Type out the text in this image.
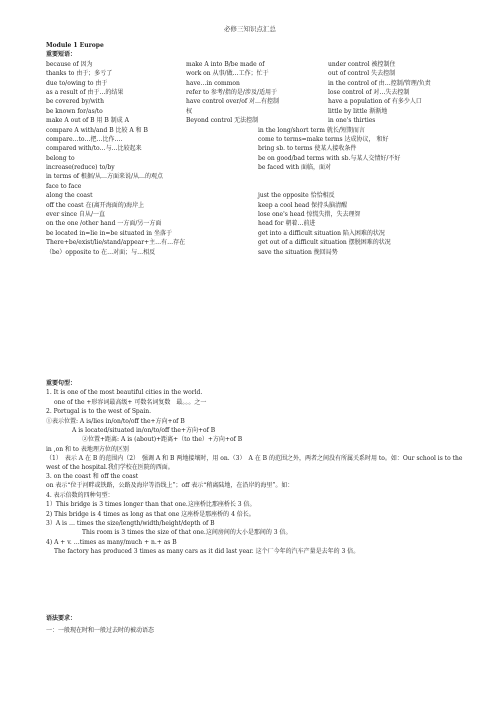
必修三知识点汇总
Module 1 Europe
重要短语：
because of 因为	make A into B/be made of	under control 被控制住
thanks to 由于；多亏了	work on 从事/做…工作；忙于	out of control 失去控制
due to/owing to 由于	have…in common	in the control of 由…控制/管理/负责
as a result of 由于…的结果	refer to 参考/指的是/涉及/适用于	lose control of 对…失去控制
be covered by/with	have control over/of 对…有控制	have a population of 有多少人口
be known for/as/to	权	little by little 渐渐地
make A out of B 用 B 制成 A	Beyond control 无法控制	in one's thirties
compare A with/and B 比较 A 和 B	in the long/short term 就长/短期而言
compare…to…把…比作….	come to terms=make terms 达成协议， 和好
compared with/to…与…比较起来	bring sb. to terms 使某人接收条件
belong to	be on good/bad terms with sb.与某人交情好/不好
increase(reduce) to/by	be faced with 面临，面对
in terms of 根据/从…方面来说/从…的观点
face to face
along the coast	just the opposite 恰恰相反
off the coast 在(离开海面的)海岸上	keep a cool head 保持头脑清醒
ever since 自从/一直	lose one's head 惊慌失措，失去理智
on the one /other hand 一方面/另一方面	head for 朝着…前进
be located in=lie in=be situated in 坐落于	get into a difficult situation 陷入困难的状况
There+be/exist/lie/stand/appear+主…有…存在	get out of a difficult situation 摆脱困难的状况
（be）opposite to 在…对面；与…相反	save the situation 挽回局势
重要句型：
1. It is one of the most beautiful cities in the world.
one of the +形容词最高级+ 可数名词复数　最。。。之一
2. Portugal is to the west of Spain.
①表示位置: A is/lies in/on/to/off the+方向+of B
A is located/situated in/on/to/off the+方向+of B
②位置+距离: A is (about)+距离+（to the）+方向+of B
in ,on 和 to 表地理方位的区别
（1）　表示 A 在 B 的范围内（2）　强调 A 和 B 两地接壤时，用 on.（3）　A 在 B 的范围之外，两者之间没有所属关系时用 to。如：Our school is to the west of the hospital.我们学校在医院的西面。
3. on the coast 和 off the coast
on 表示“位于河畔或铁路，公路及海岸等沿线上”；off 表示“稍离陆地，在沿岸的海里”。如：
4. 表示倍数的四种句型：
1）This bridge is 3 times longer than that one.这座桥比那座桥长 3 倍。
2) This bridge is 4 times as long as that one 这座桥是那座桥的 4 倍长。
3）A is … times the size/length/width/height/depth of B
This room is 3 times the size of that one.这间房间的大小是那间的 3 倍。
4) A + v. …times as many/much + n.+ as B
The factory has produced 3 times as many cars as it did last year. 这个厂今年的汽车产量是去年的 3 倍。
语法要求：
一：一般现在时和一般过去时的被动语态
